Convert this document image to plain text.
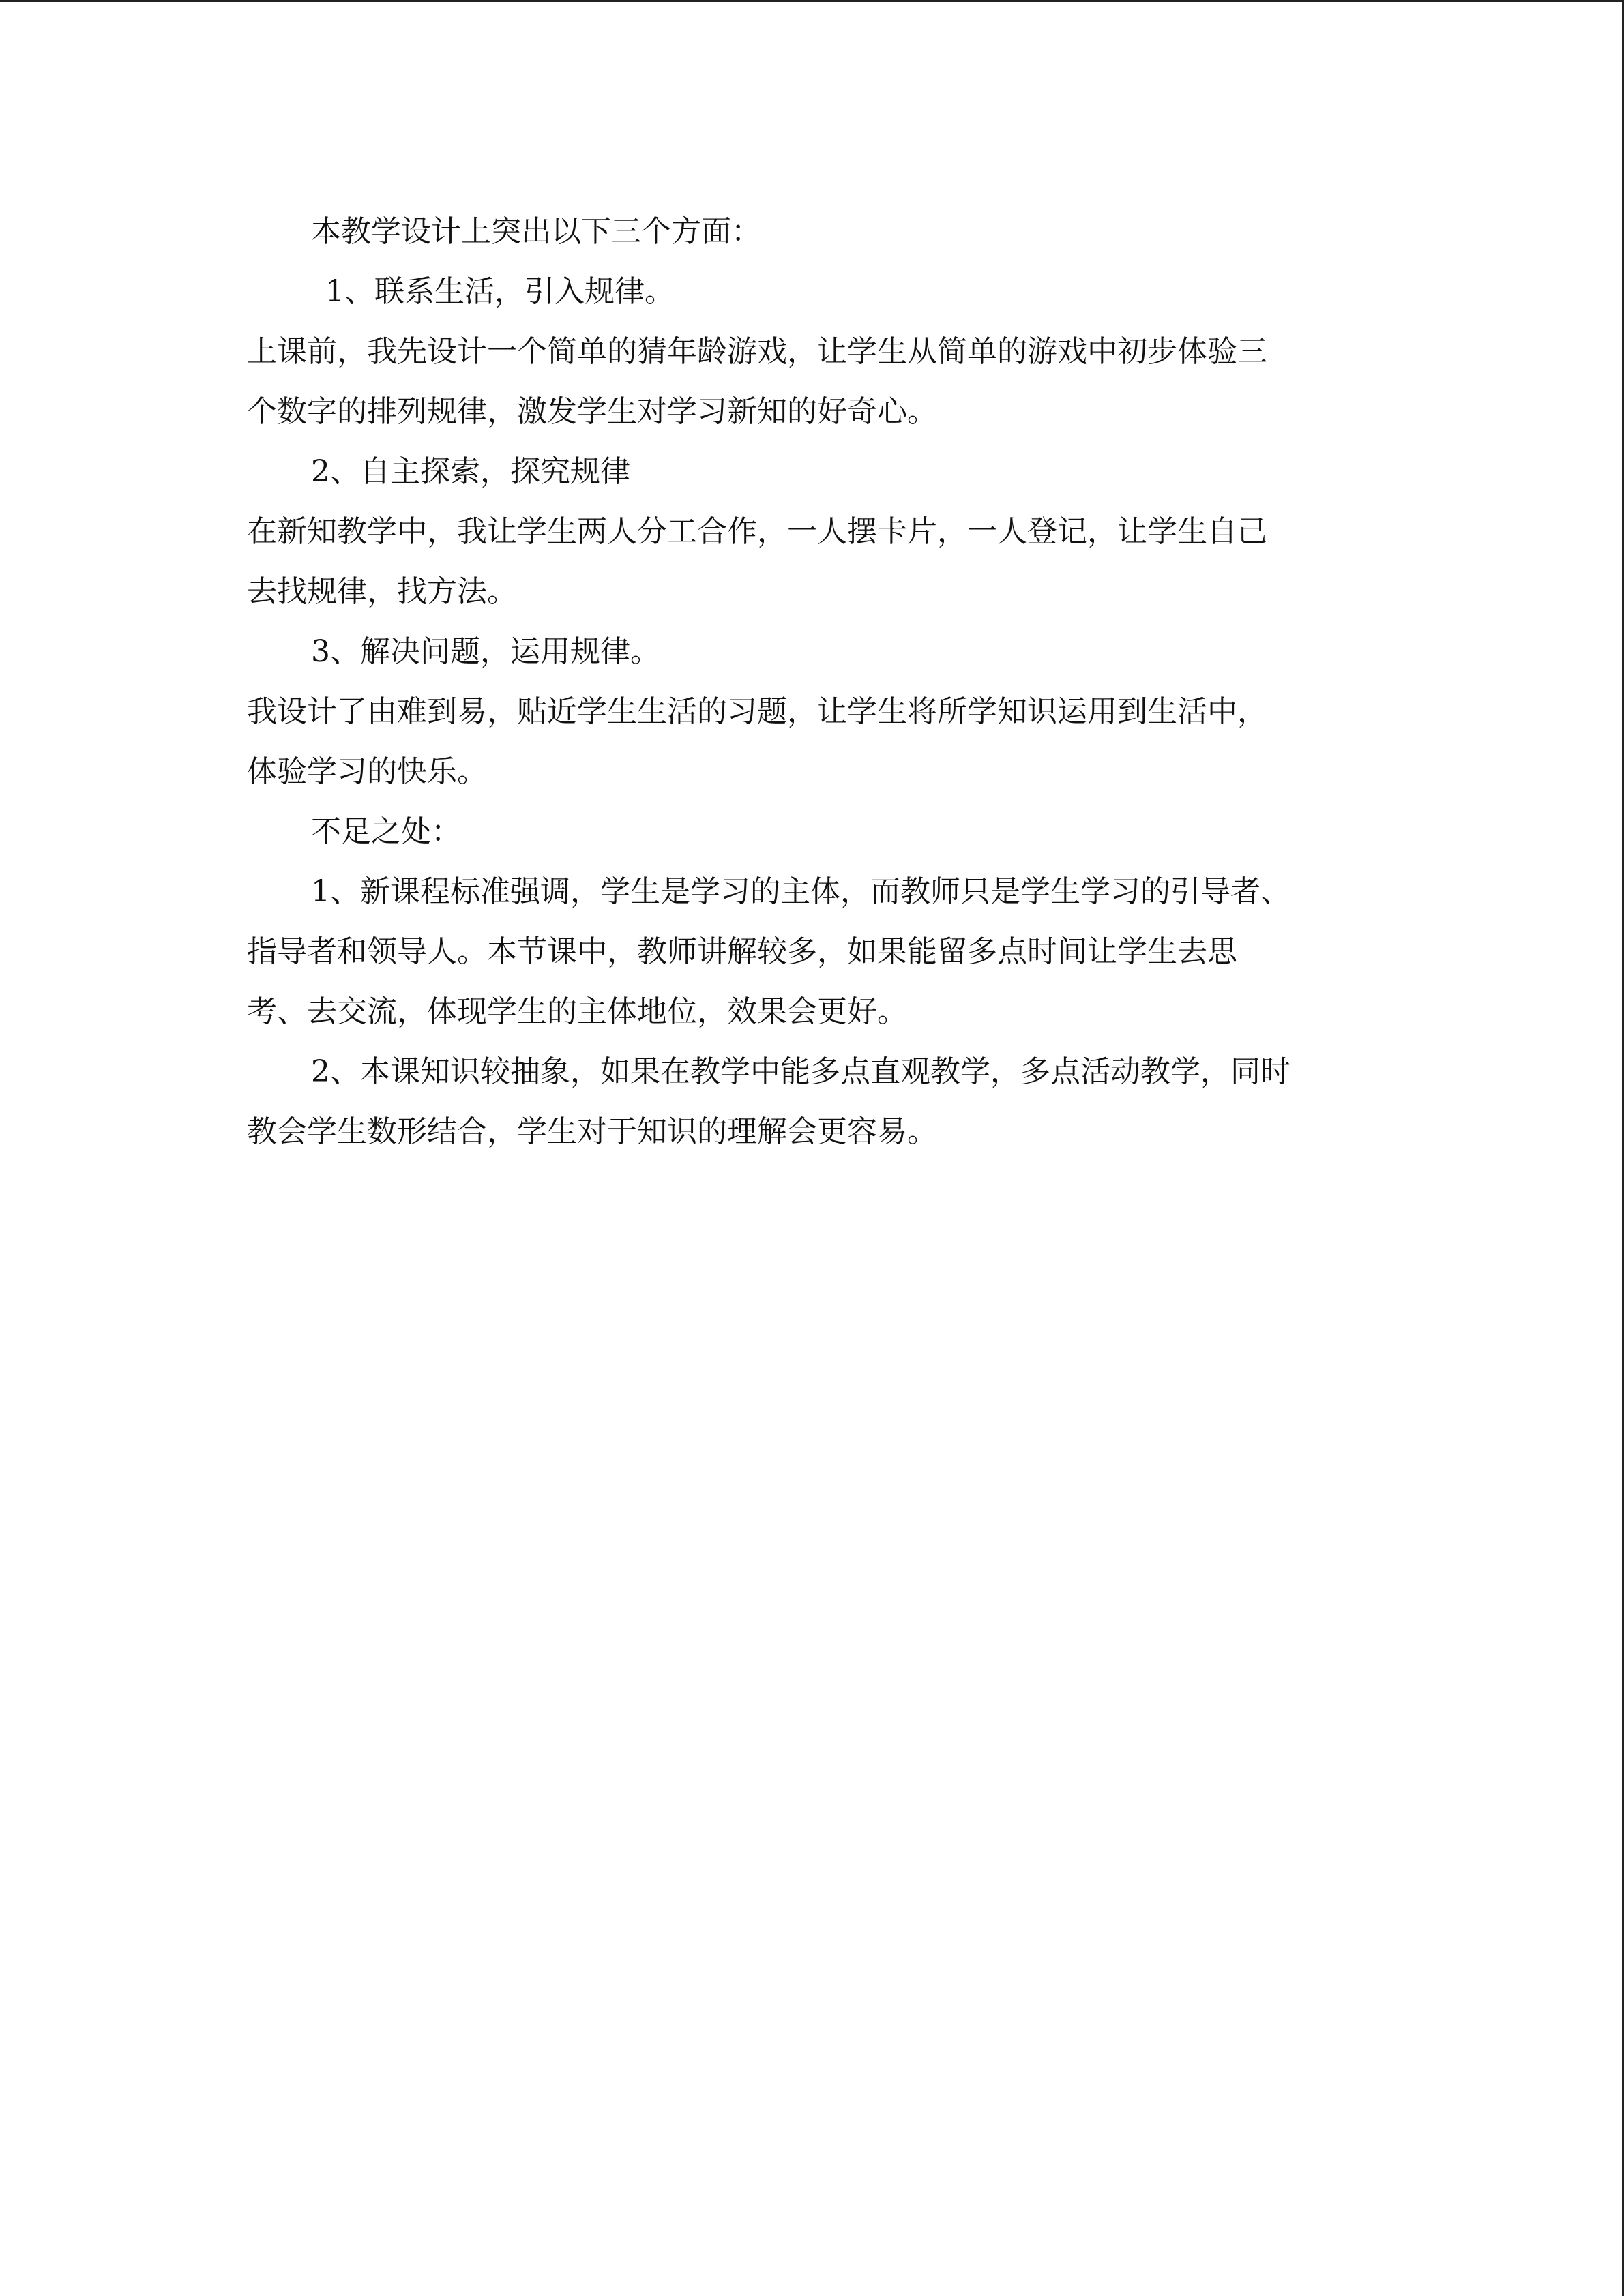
本教学设计上突出以下三个方面：
1、联系生活，引入规律。
上课前，我先设计一个简单的猜年龄游戏，让学生从简单的游戏中初步体验三
个数字的排列规律，激发学生对学习新知的好奇心。
2、自主探索，探究规律
在新知教学中，我让学生两人分工合作，一人摆卡片，一人登记，让学生自己
去找规律，找方法。
3、解决问题，运用规律。
我设计了由难到易，贴近学生生活的习题，让学生将所学知识运用到生活中，
体验学习的快乐。
不足之处：
1、新课程标准强调，学生是学习的主体，而教师只是学生学习的引导者、
指导者和领导人。本节课中，教师讲解较多，如果能留多点时间让学生去思
考、去交流，体现学生的主体地位，效果会更好。
2、本课知识较抽象，如果在教学中能多点直观教学，多点活动教学，同时
教会学生数形结合，学生对于知识的理解会更容易。
